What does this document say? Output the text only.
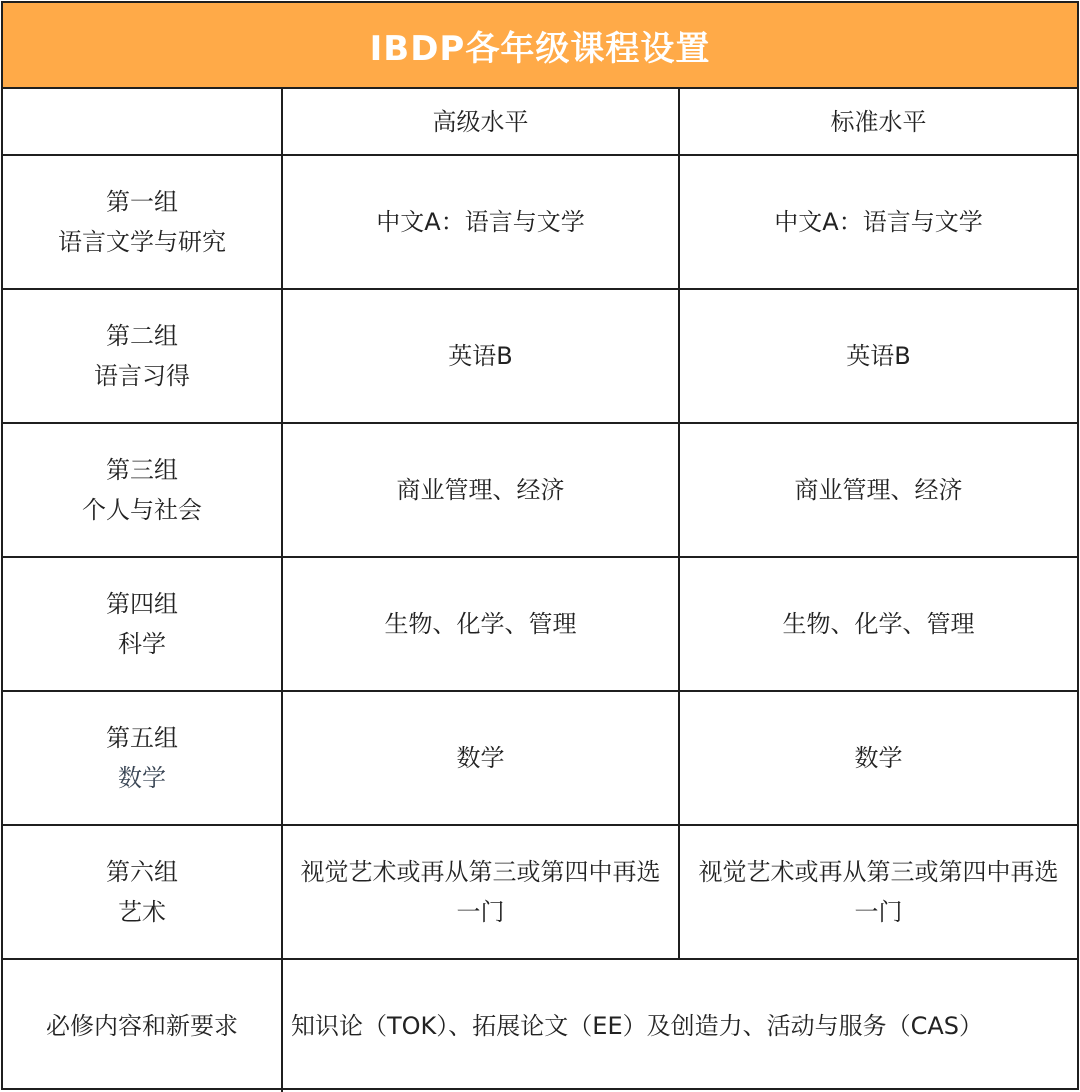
IBDP各年级课程设置
	高级水平	标准水平

第一组
语言文学与研究	中文A：语言与文学	中文A：语言与文学

第二组
语言习得	英语B	英语B

第三组
个人与社会	商业管理、经济	商业管理、经济

第四组
科学	生物、化学、管理	生物、化学、管理

第五组
数学	数学	数学

第六组
艺术	视觉艺术或再从第三或第四中再选一门	视觉艺术或再从第三或第四中再选一门
必修内容和新要求	知识论（TOK）、拓展论文（EE）及创造力、活动与服务（CAS）	
